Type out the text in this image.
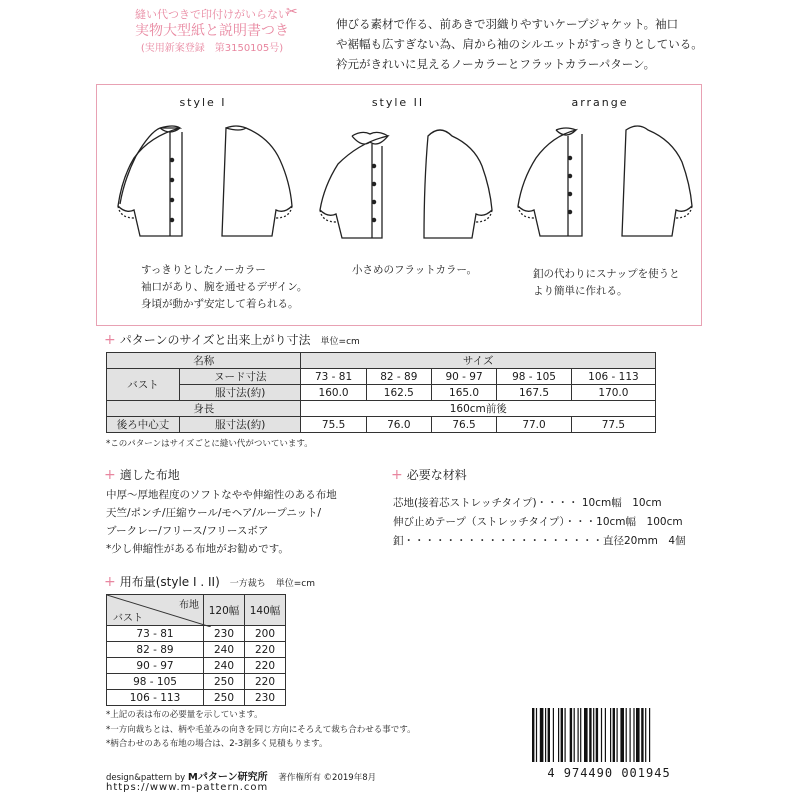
縫い代つきで印付けがいらない
実物大型紙と説明書つき
(実用新案登録　第3150105号)
✂
伸びる素材で作る、前あきで羽織りやすいケープジャケット。袖口
や裾幅も広すぎない為、肩から袖のシルエットがすっきりとしている。
衿元がきれいに見えるノーカラーとフラットカラーパターン。
style I	style II	arrange
すっきりとしたノーカラー
袖口があり、腕を通せるデザイン。
身頃が動かず安定して着られる。
小さめのフラットカラー。	釦の代わりにスナップを使うと
より簡単に作れる。
+ パターンのサイズと出来上がり寸法 単位=cm
名称		サイズ				
バスト	ヌード寸法	73 - 81	82 - 89	90 - 97	98 - 105	106 - 113
	服寸法(約)	160.0	162.5	165.0	167.5	170.0
身長		160cm前後				
後ろ中心丈	服寸法(約)	75.5	76.0	76.5	77.0	77.5
*このパターンはサイズごとに縫い代がついています。
+ 適した布地
中厚〜厚地程度のソフトなやや伸縮性のある布地
天竺/ポンチ/圧縮ウール/モヘア/ループニット/
ブークレー/フリース/フリースボア
*少し伸縮性がある布地がお勧めです。
+ 必要な材料
芯地(接着芯ストレッチタイプ)・・・・ 10cm幅　10cm
伸び止めテープ（ストレッチタイプ）・・・10cm幅　100cm
釦・・・・・・・・・・・・・・・・・・・直径20mm　4個
+ 用布量(style I . II) 一方裁ち 単位=cm
布地
バスト	120幅	140幅
73 - 81	230	200
82 - 89	240	220
90 - 97	240	220
98 - 105	250	220
106 - 113	250	230
*上記の表は布の必要量を示しています。
*一方向裁ちとは、柄や毛並みの向きを同じ方向にそろえて裁ち合わせる事です。
*柄合わせのある布地の場合は、2-3割多く見積もります。
design&pattern by Mパターン研究所 著作権所有 ©2019年8月
https://www.m-pattern.com
4 974490 001945
